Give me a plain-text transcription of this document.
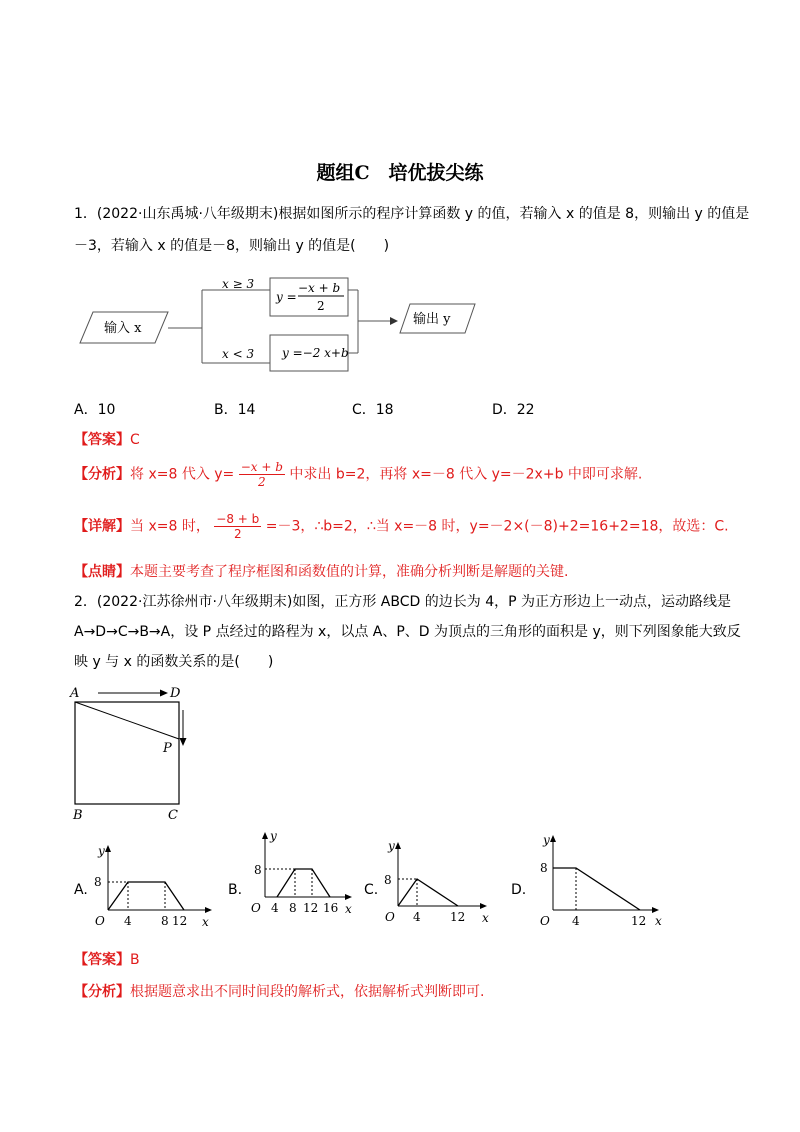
题组C　培优拔尖练
1．(2022·山东禹城·八年级期末)根据如图所示的程序计算函数 y 的值，若输入 x 的值是 8，则输出 y 的值是
－3，若输入 x 的值是－8，则输出 y 的值是(　　)
输入 x
x ≥ 3
x < 3
y =
−x + b
2
y =−2 x+b
输出 y
A．10	B．14	C．18	D．22
【答案】C
【分析】将 x=8 代入 $y= \frac{-x + b}{2}$ 中求出 b=2，再将 x=－8 代入 y=－2x+b 中即可求解.
【详解】当 x=8 时， $\frac{-8 + b}{2} =-3$，∴b=2，∴当 x=－8 时，y=－2×(－8)+2=16+2=18，故选：C.
【点睛】本题主要考查了程序框图和函数值的计算，准确分析判断是解题的关键.
2．(2022·江苏徐州市·八年级期末)如图，正方形 ABCD 的边长为 4，P 为正方形边上一动点，运动路线是
A→D→C→B→A，设 P 点经过的路程为 x，以点 A、P、D 为顶点的三角形的面积是 y，则下列图象能大致反
映 y 与 x 的函数关系的是(　　)
A	D
P
B	C
A.
y
x
O
8
4 8 12
B.
y
x
O
8
4 8 12 16
C.
y
x
O
8
4 12
D.
y
x
O
8
4	12
【答案】B
【分析】根据题意求出不同时间段的解析式，依据解析式判断即可.
